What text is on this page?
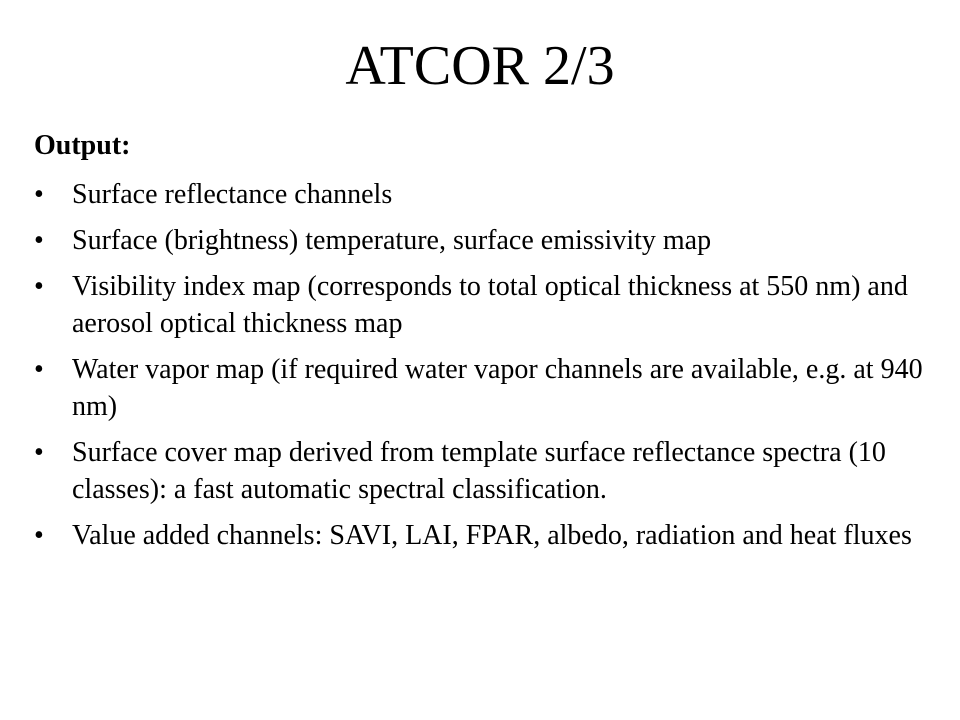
ATCOR 2/3
Output:
•	Surface reflectance channels
•	Surface (brightness) temperature, surface emissivity map
•	Visibility index map (corresponds to total optical thickness at 550 nm) and aerosol optical thickness map
•	Water vapor map (if required water vapor channels are available, e.g. at 940 nm)
•	Surface cover map derived from template surface reflectance spectra (10 classes): a fast automatic spectral classification.
•	Value added channels: SAVI, LAI, FPAR, albedo, radiation and heat fluxes
